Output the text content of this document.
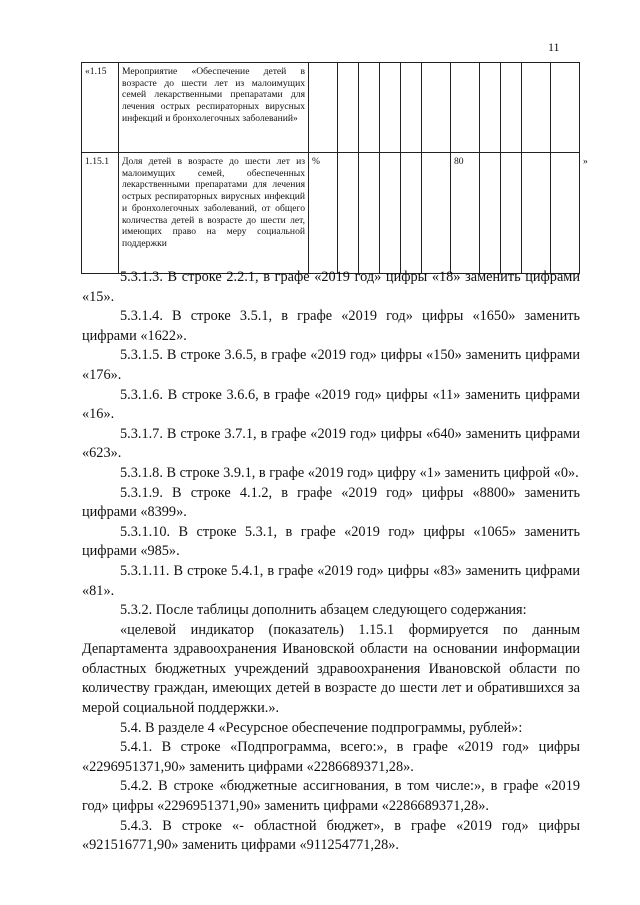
11
«1.15	Мероприятие «Обеспечение детей в возрасте до шести лет из малоимущих семей лекарственными препаратами для лечения острых респираторных вирусных инфекций и бронхолегочных заболеваний»												
1.15.1	Доля детей в возрасте до шести лет из малоимущих семей, обеспеченных лекарственными препаратами для лечения острых респираторных вирусных инфекций и бронхолегочных заболеваний, от общего количества детей в возрасте до шести лет, имеющих право на меру социальной поддержки	%						80					»

5.3.1.3. В строке 2.2.1, в графе «2019 год» цифры «18» заменить цифрами «15».

5.3.1.4. В строке 3.5.1, в графе «2019 год» цифры «1650» заменить цифрами «1622».

5.3.1.5. В строке 3.6.5, в графе «2019 год» цифры «150» заменить цифрами «176».

5.3.1.6. В строке 3.6.6, в графе «2019 год» цифры «11» заменить цифрами «16».

5.3.1.7. В строке 3.7.1, в графе «2019 год» цифры «640» заменить цифрами «623».

5.3.1.8. В строке 3.9.1, в графе «2019 год» цифру «1» заменить цифрой «0».

5.3.1.9. В строке 4.1.2, в графе «2019 год» цифры «8800» заменить цифрами «8399».

5.3.1.10. В строке 5.3.1, в графе «2019 год» цифры «1065» заменить цифрами «985».

5.3.1.11. В строке 5.4.1, в графе «2019 год» цифры «83» заменить цифрами «81».

5.3.2. После таблицы дополнить абзацем следующего содержания:

«целевой индикатор (показатель) 1.15.1 формируется по данным Департамента здравоохранения Ивановской области на основании информации областных бюджетных учреждений здравоохранения Ивановской области по количеству граждан, имеющих детей в возрасте до шести лет и обратившихся за мерой социальной поддержки.».

5.4. В разделе 4 «Ресурсное обеспечение подпрограммы, рублей»:

5.4.1. В строке «Подпрограмма, всего:», в графе «2019 год» цифры «2296951371,90» заменить цифрами «2286689371,28».

5.4.2. В строке «бюджетные ассигнования, в том числе:», в графе «2019 год» цифры «2296951371,90» заменить цифрами «2286689371,28».

5.4.3. В строке «- областной бюджет», в графе «2019 год» цифры «921516771,90» заменить цифрами «911254771,28».
